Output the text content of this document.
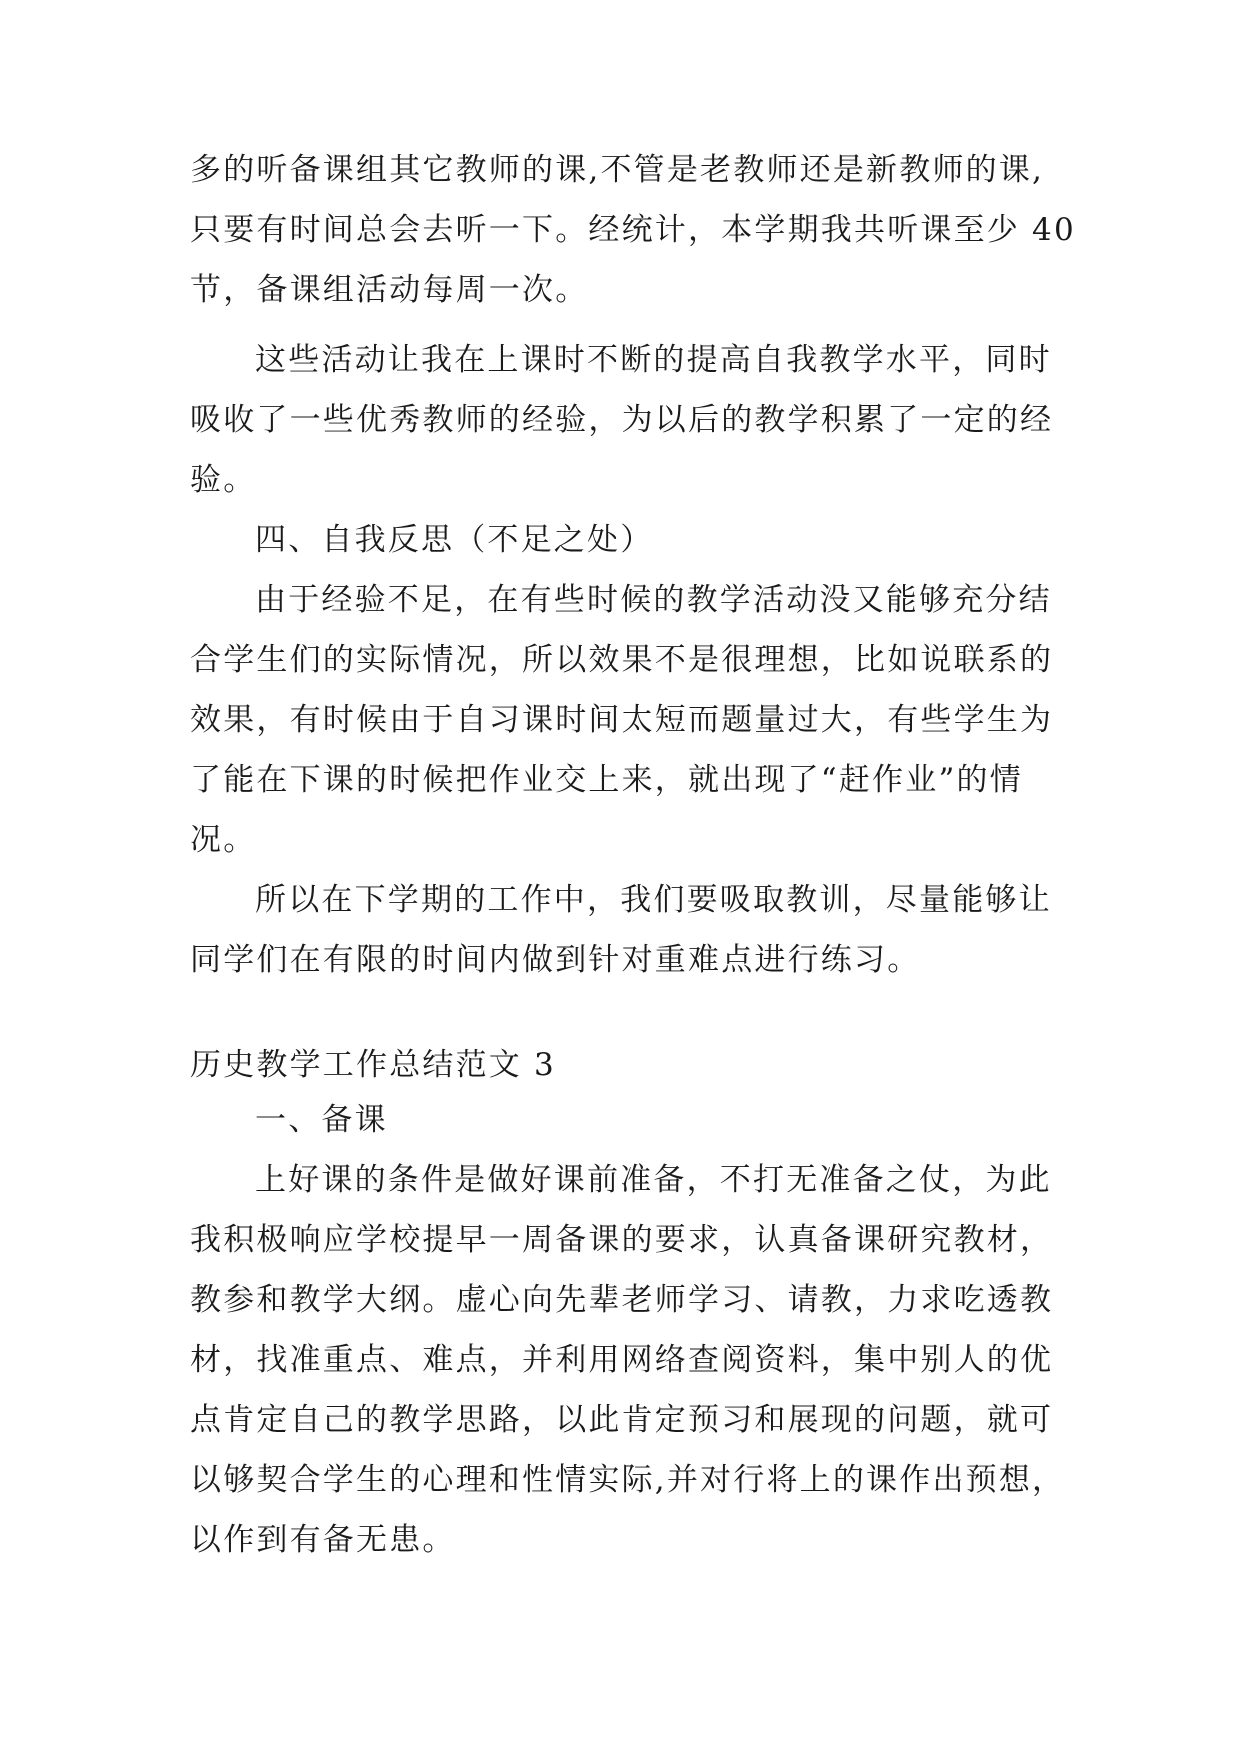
多的听备课组其它教师的课,不管是老教师还是新教师的课,
只要有时间总会去听一下。经统计，本学期我共听课至少 40
节，备课组活动每周一次。
这些活动让我在上课时不断的提高自我教学水平，同时
吸收了一些优秀教师的经验，为以后的教学积累了一定的经
验。
四、自我反思（不足之处）
由于经验不足，在有些时候的教学活动没又能够充分结
合学生们的实际情况，所以效果不是很理想，比如说联系的
效果，有时候由于自习课时间太短而题量过大，有些学生为
了能在下课的时候把作业交上来，就出现了“赶作业”的情
况。
所以在下学期的工作中，我们要吸取教训，尽量能够让
同学们在有限的时间内做到针对重难点进行练习。
历史教学工作总结范文 3
一、备课
上好课的条件是做好课前准备，不打无准备之仗，为此
我积极响应学校提早一周备课的要求，认真备课研究教材，
教参和教学大纲。虚心向先辈老师学习、请教，力求吃透教
材，找准重点、难点，并利用网络查阅资料，集中别人的优
点肯定自己的教学思路，以此肯定预习和展现的问题，就可
以够契合学生的心理和性情实际,并对行将上的课作出预想，
以作到有备无患。
